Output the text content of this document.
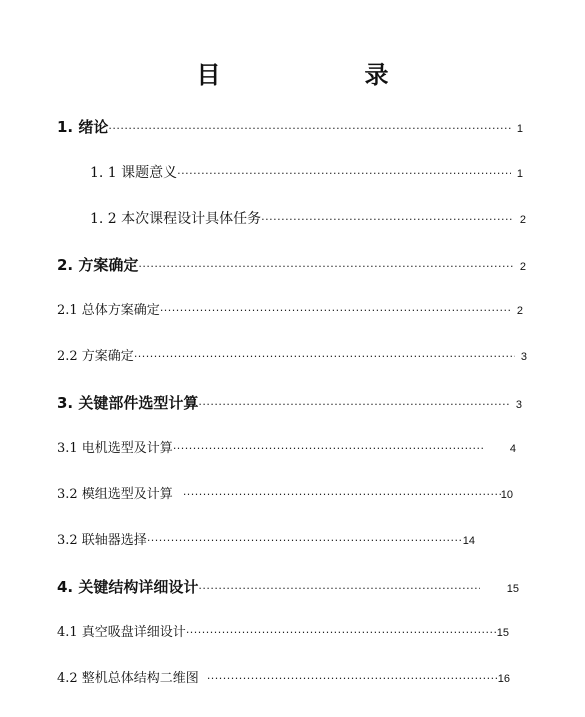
目　录
1. 绪论 ·····	1
1. 1 课题意义 ·····	1
1. 2 本次课程设计具体任务 ·····	2
2. 方案确定 ·····	2
2.1 总体方案确定 ·····	2
2.2 方案确定 ·····	3
3. 关键部件选型计算 ·····	3
3.1 电机选型及计算 ·····	4
3.2 模组选型及计算 ·····	10
3.2 联轴器选择 ·····	14
4. 关键结构详细设计 ·····	15
4.1 真空吸盘详细设计 ·····	15
4.2 整机总体结构二维图 ·····	16
